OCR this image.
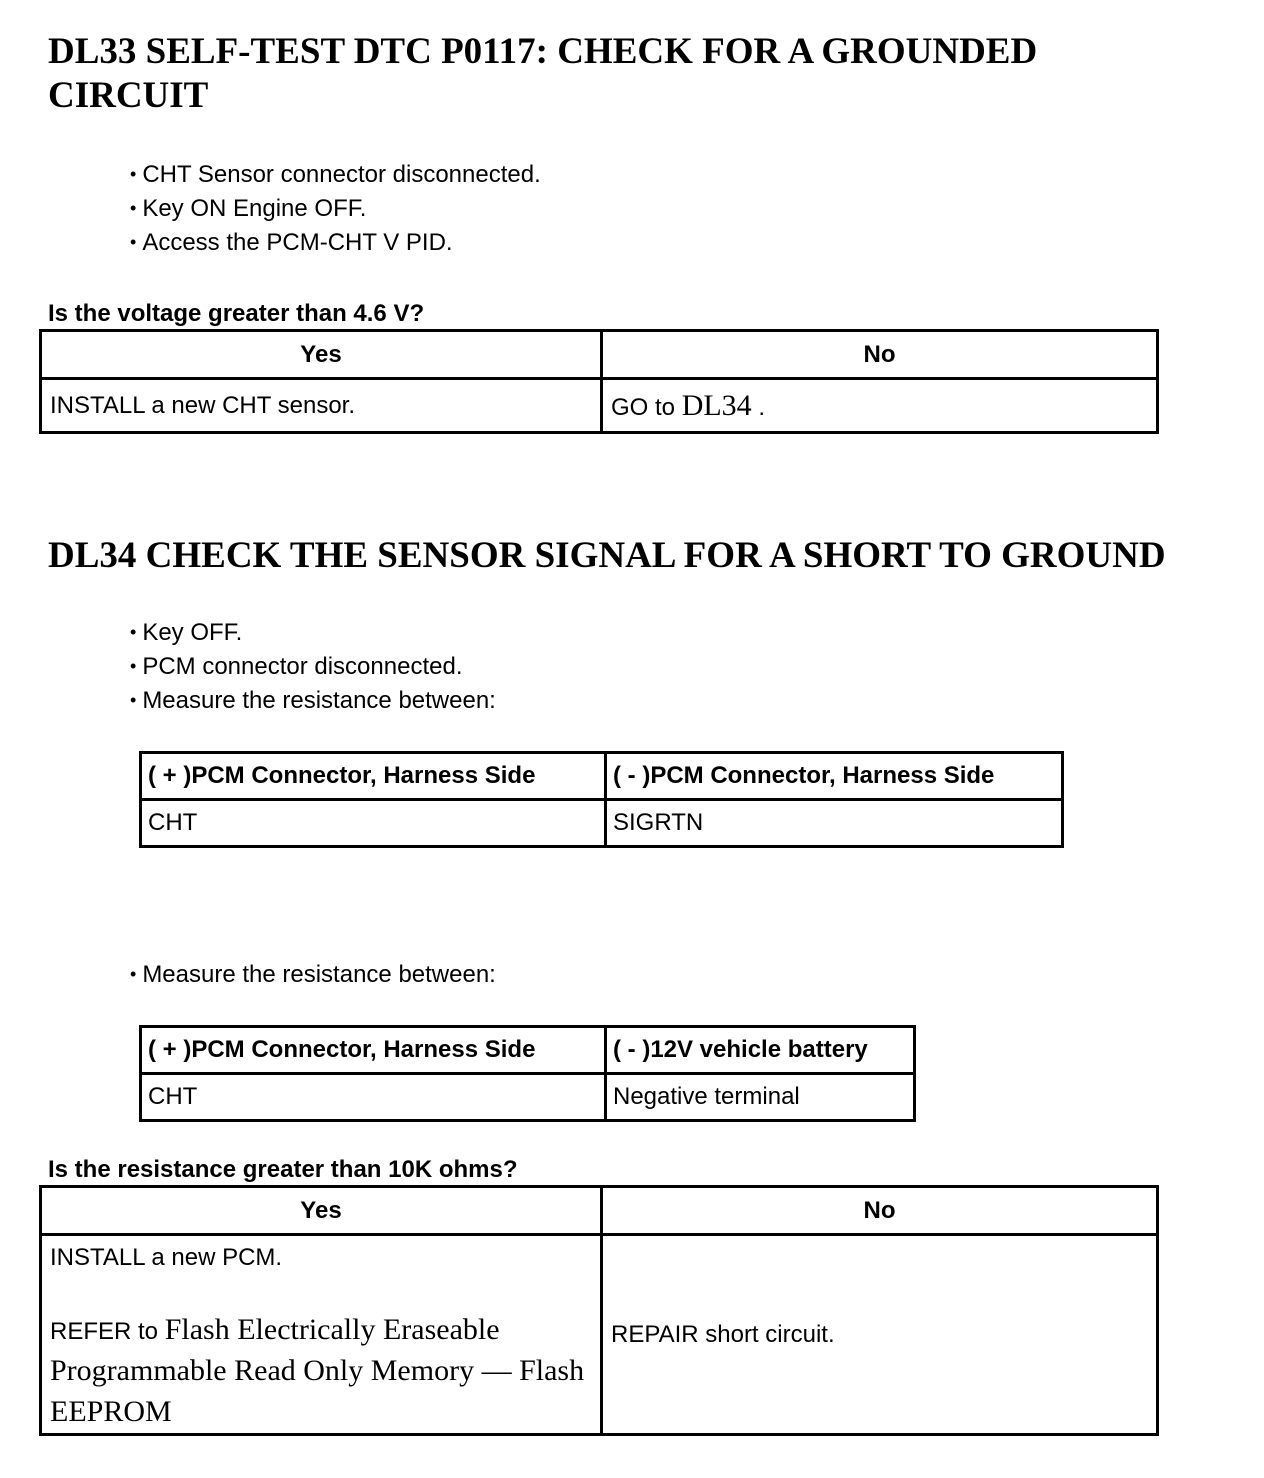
DL33 SELF-TEST DTC P0117: CHECK FOR A GROUNDED
CIRCUIT
• CHT Sensor connector disconnected.
• Key ON Engine OFF.
• Access the PCM-CHT V PID.

Is the voltage greater than 4.6 V?

Yes	No
INSTALL a new CHT sensor.	GO to DL34 .
DL34 CHECK THE SENSOR SIGNAL FOR A SHORT TO GROUND
• Key OFF.
• PCM connector disconnected.
• Measure the resistance between:
( + )PCM Connector, Harness Side	( - )PCM Connector, Harness Side
CHT	SIGRTN
• Measure the resistance between:
( + )PCM Connector, Harness Side	( - )12V vehicle battery
CHT	Negative terminal

Is the resistance greater than 10K ohms?

Yes	No

INSTALL a new PCM.
REFER to Flash Electrically Eraseable Programmable Read Only Memory — Flash EEPROM	REPAIR short circuit.
